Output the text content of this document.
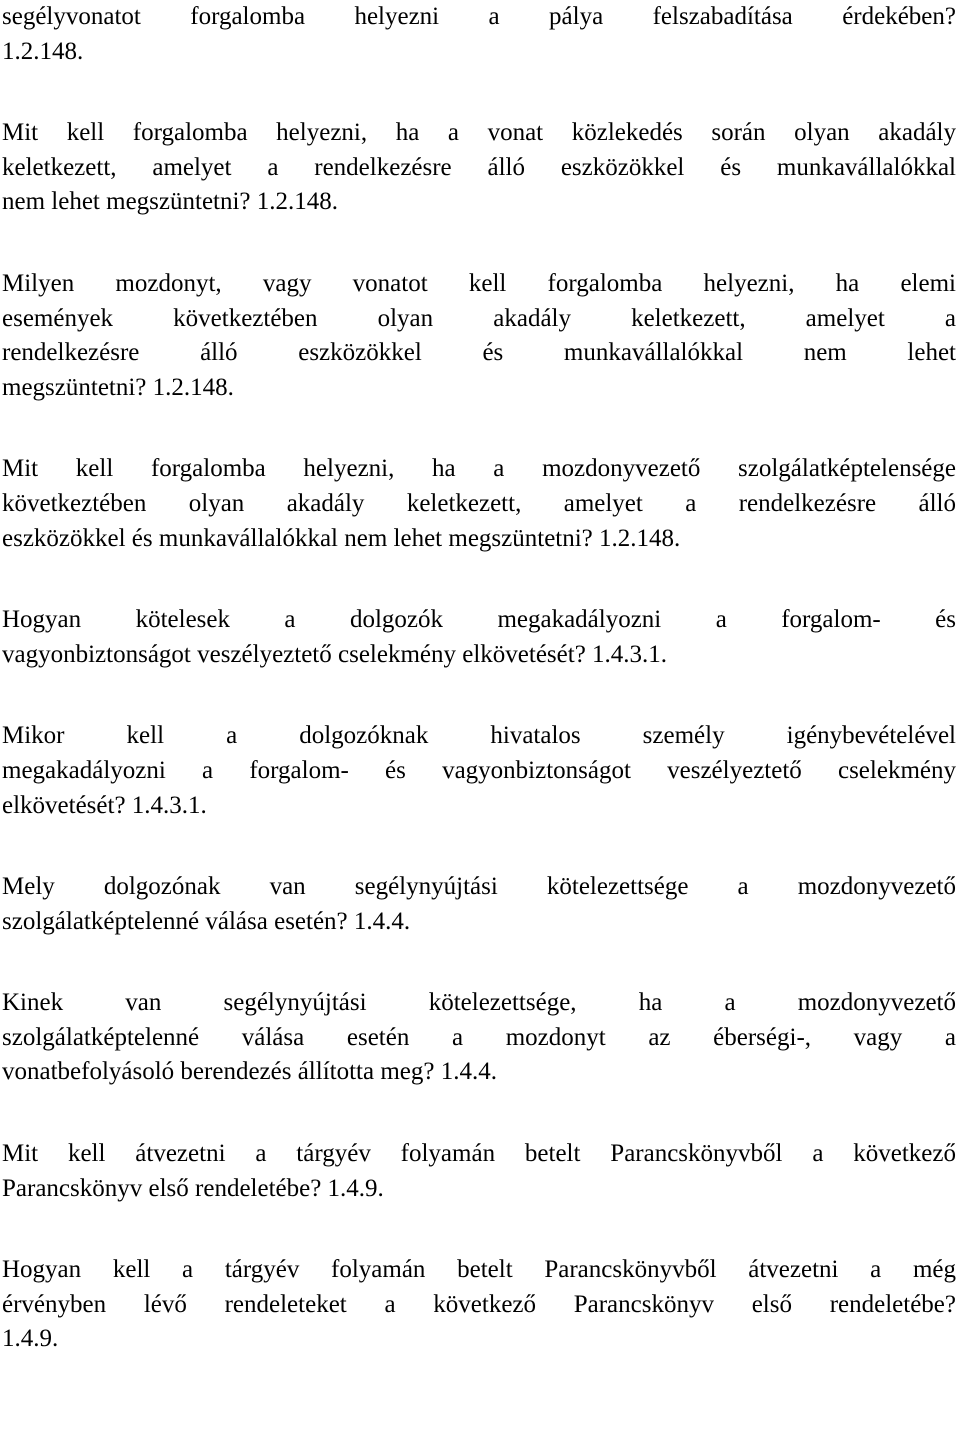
segélyvonatot forgalomba helyezni a pálya felszabadítása érdekében?
1.2.148.
Mit kell forgalomba helyezni, ha a vonat közlekedés során olyan akadály
keletkezett, amelyet a rendelkezésre álló eszközökkel és munkavállalókkal
nem lehet megszüntetni? 1.2.148.
Milyen mozdonyt, vagy vonatot kell forgalomba helyezni, ha elemi
események következtében olyan akadály keletkezett, amelyet a
rendelkezésre álló eszközökkel és munkavállalókkal nem lehet
megszüntetni? 1.2.148.
Mit kell forgalomba helyezni, ha a mozdonyvezető szolgálatképtelensége
következtében olyan akadály keletkezett, amelyet a rendelkezésre álló
eszközökkel és munkavállalókkal nem lehet megszüntetni? 1.2.148.
Hogyan kötelesek a dolgozók megakadályozni a forgalom- és
vagyonbiztonságot veszélyeztető cselekmény elkövetését? 1.4.3.1.
Mikor kell a dolgozóknak hivatalos személy igénybevételével
megakadályozni a forgalom- és vagyonbiztonságot veszélyeztető cselekmény
elkövetését? 1.4.3.1.
Mely dolgozónak van segélynyújtási kötelezettsége a mozdonyvezető
szolgálatképtelenné válása esetén? 1.4.4.
Kinek van segélynyújtási kötelezettsége, ha a mozdonyvezető
szolgálatképtelenné válása esetén a mozdonyt az éberségi-, vagy a
vonatbefolyásoló berendezés állította meg? 1.4.4.
Mit kell átvezetni a tárgyév folyamán betelt Parancskönyvből a következő
Parancskönyv első rendeletébe? 1.4.9.
Hogyan kell a tárgyév folyamán betelt Parancskönyvből átvezetni a még
érvényben lévő rendeleteket a következő Parancskönyv első rendeletébe?
1.4.9.
